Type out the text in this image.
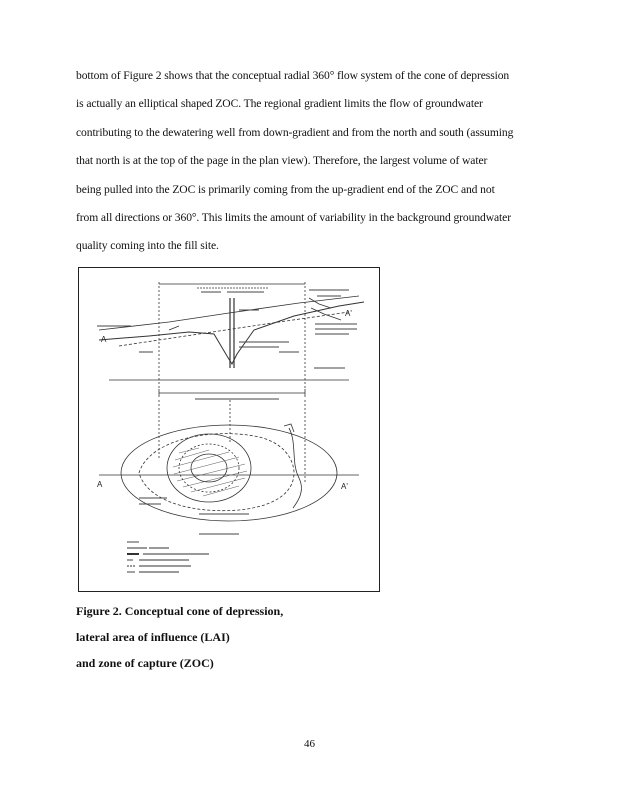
bottom of Figure 2 shows that the conceptual radial 360° flow system of the cone of depression
is actually an elliptical shaped ZOC. The regional gradient limits the flow of groundwater
contributing to the dewatering well from down-gradient and from the north and south (assuming
that north is at the top of the page in the plan view). Therefore, the largest volume of water
being pulled into the ZOC is primarily coming from the up-gradient end of the ZOC and not
from all directions or 360°. This limits the amount of variability in the background groundwater
quality coming into the fill site.
A
A'
A	A'
Figure 2. Conceptual cone of depression,
lateral area of influence (LAI)
and zone of capture (ZOC)
46
